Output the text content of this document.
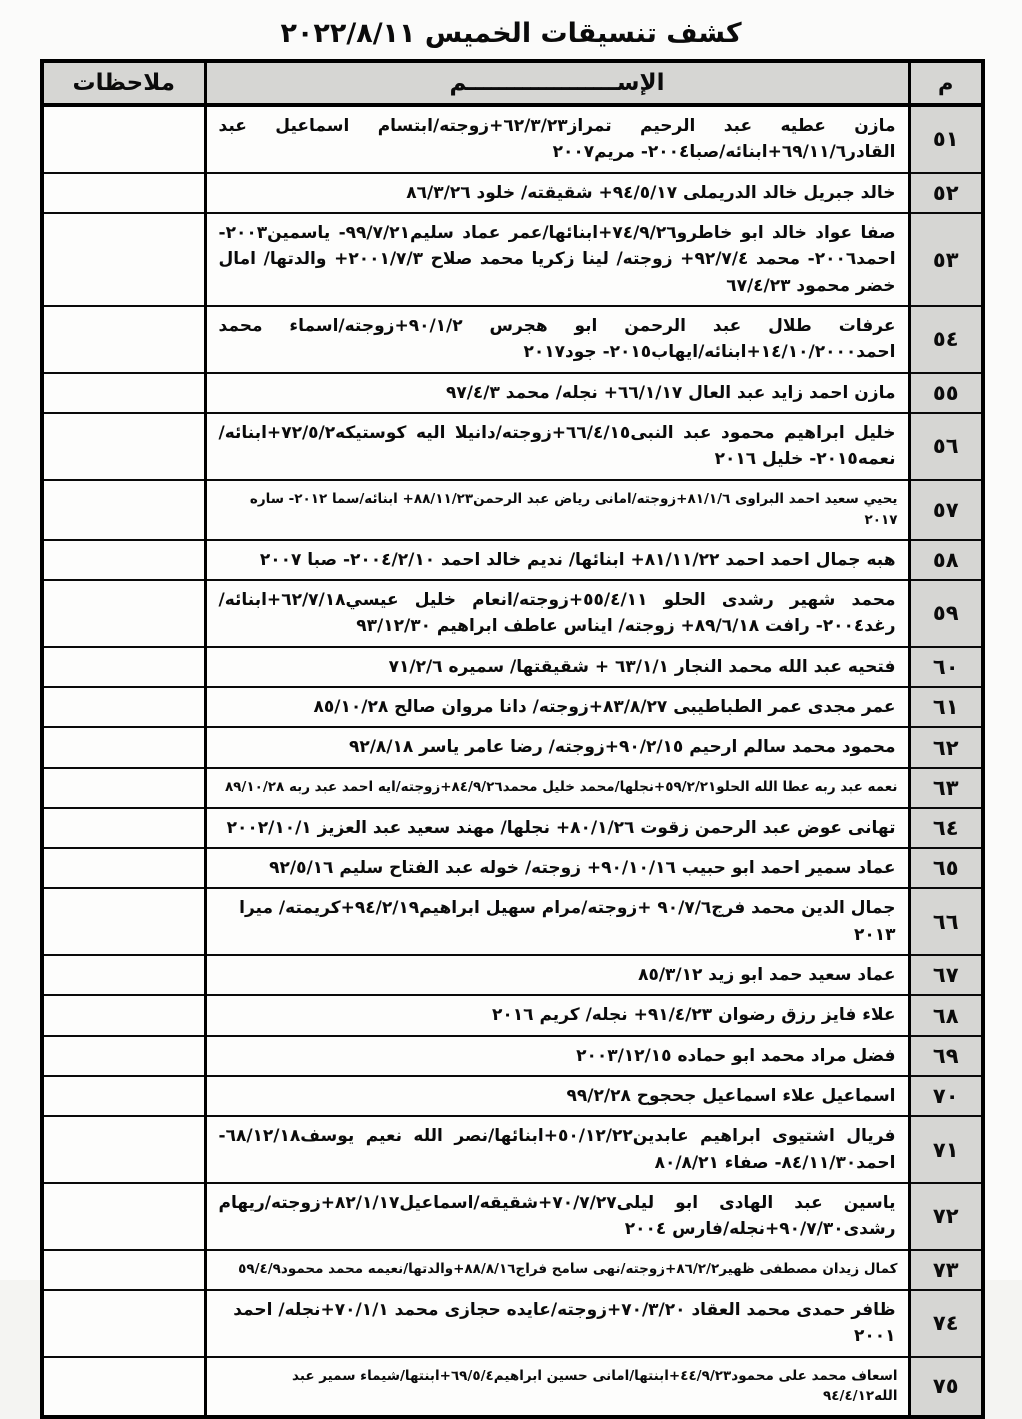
كشف تنسيقات الخميس ٢٠٢٢/٨/١١
م	الإســـــــــــــــــــم	ملاحظات
٥١	مازن عطيه عبد الرحيم تمراز٦٢/٣/٢٣+زوجته/ابتسام اسماعيل عبد القادر٦٩/١١/٦+ابنائه/صبا٢٠٠٤- مريم٢٠٠٧	
٥٢	خالد جبريل خالد الدريملى ٩٤/٥/١٧+ شقيقته/ خلود ٨٦/٣/٢٦	
٥٣	صفا عواد خالد ابو خاطرو٧٤/٩/٢٦+ابنائها/عمر عماد سليم٩٩/٧/٢١- ياسمين٢٠٠٣- احمد٢٠٠٦- محمد ٩٢/٧/٤+ زوجته/ لينا زكريا محمد صلاح ٢٠٠١/٧/٣+ والدتها/ امال خضر محمود ٦٧/٤/٢٣	
٥٤	عرفات طلال عبد الرحمن ابو هجرس ٩٠/١/٢+زوجته/اسماء محمد احمد١٤/١٠/٢٠٠٠+ابنائه/ايهاب٢٠١٥- جود٢٠١٧	
٥٥	مازن احمد زايد عبد العال ٦٦/١/١٧+ نجله/ محمد ٩٧/٤/٣	
٥٦	خليل ابراهيم محمود عبد النبى٦٦/٤/١٥+زوجته/دانيلا اليه كوستيكه٧٢/٥/٢+ابنائه/نعمه٢٠١٥- خليل ٢٠١٦	
٥٧	يحيي سعيد احمد البراوى ٨١/١/٦+زوجته/امانى رياض عبد الرحمن٨٨/١١/٢٣+ ابنائه/سما ٢٠١٢- ساره ٢٠١٧	
٥٨	هبه جمال احمد احمد ٨١/١١/٢٢+ ابنائها/ نديم خالد احمد ٢٠٠٤/٢/١٠- صبا ٢٠٠٧	
٥٩	محمد شهير رشدى الحلو ٥٥/٤/١١+زوجته/انعام خليل عيسي٦٢/٧/١٨+ابنائه/رغد٢٠٠٤- رافت ٨٩/٦/١٨+ زوجته/ ايناس عاطف ابراهيم ٩٣/١٢/٣٠	
٦٠	فتحيه عبد الله محمد النجار ٦٣/١/١ + شقيقتها/ سميره ٧١/٢/٦	
٦١	عمر مجدى عمر الطباطيبى ٨٣/٨/٢٧+زوجته/ دانا مروان صالح ٨٥/١٠/٢٨	
٦٢	محمود محمد سالم ارحيم ٩٠/٢/١٥+زوجته/ رضا عامر ياسر ٩٢/٨/١٨	
٦٣	نعمه عبد ربه عطا الله الحلو٥٩/٢/٢١+نجلها/محمد خليل محمد٨٤/٩/٢٦+زوجته/ايه احمد عبد ربه ٨٩/١٠/٢٨	
٦٤	تهانى عوض عبد الرحمن زقوت ٨٠/١/٢٦+ نجلها/ مهند سعيد عبد العزيز ٢٠٠٢/١٠/١	
٦٥	عماد سمير احمد ابو حبيب ٩٠/١٠/١٦+ زوجته/ خوله عبد الفتاح سليم ٩٢/٥/١٦	
٦٦	جمال الدين محمد فرج٩٠/٧/٦ +زوجته/مرام سهيل ابراهيم٩٤/٢/١٩+كريمته/ ميرا ٢٠١٣	
٦٧	عماد سعيد حمد ابو زيد ٨٥/٣/١٢	
٦٨	علاء فايز رزق رضوان ٩١/٤/٢٣+ نجله/ كريم ٢٠١٦	
٦٩	فضل مراد محمد ابو حماده ٢٠٠٣/١٢/١٥	
٧٠	اسماعيل علاء اسماعيل جحجوح ٩٩/٢/٢٨	
٧١	فريال اشتيوى ابراهيم عابدين٥٠/١٢/٢٢+ابنائها/نصر الله نعيم يوسف٦٨/١٢/١٨- احمد٨٤/١١/٣٠- صفاء ٨٠/٨/٢١	
٧٢	ياسين عبد الهادى ابو ليلى٧٠/٧/٢٧+شقيقه/اسماعيل٨٢/١/١٧+زوجته/ريهام رشدى٩٠/٧/٣٠+نجله/فارس ٢٠٠٤	
٧٣	كمال زيدان مصطفى ظهير٨٦/٢/٢+زوجته/نهى سامح فراج٨٨/٨/١٦+والدتها/نعيمه محمد محمود٥٩/٤/٩	
٧٤	ظافر حمدى محمد العقاد ٧٠/٣/٢٠+زوجته/عايده حجازى محمد ٧٠/١/١+نجله/ احمد ٢٠٠١	
٧٥	اسعاف محمد على محمود٤٤/٩/٢٣+ابنتها/امانى حسين ابراهيم٦٩/٥/٤+ابنتها/شيماء سمير عبد الله٩٤/٤/١٢	
